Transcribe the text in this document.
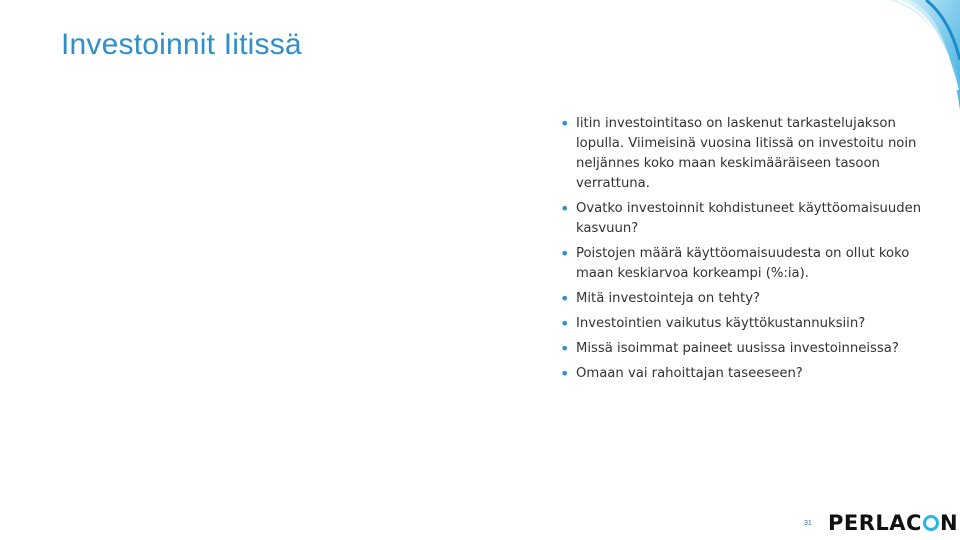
Investoinnit Iitissä
• Iitin investointitaso on laskenut tarkastelujakson lopulla. Viimeisinä vuosina Iitissä on investoitu noin neljännes koko maan keskimääräiseen tasoon verrattuna.
• Ovatko investoinnit kohdistuneet käyttöomaisuuden kasvuun?
• Poistojen määrä käyttöomaisuudesta on ollut koko maan keskiarvoa korkeampi (%:ia).
• Mitä investointeja on tehty?
• Investointien vaikutus käyttökustannuksiin?
• Missä isoimmat paineet uusissa investoinneissa?
• Omaan vai rahoittajan taseeseen?
31 PERLAC N
